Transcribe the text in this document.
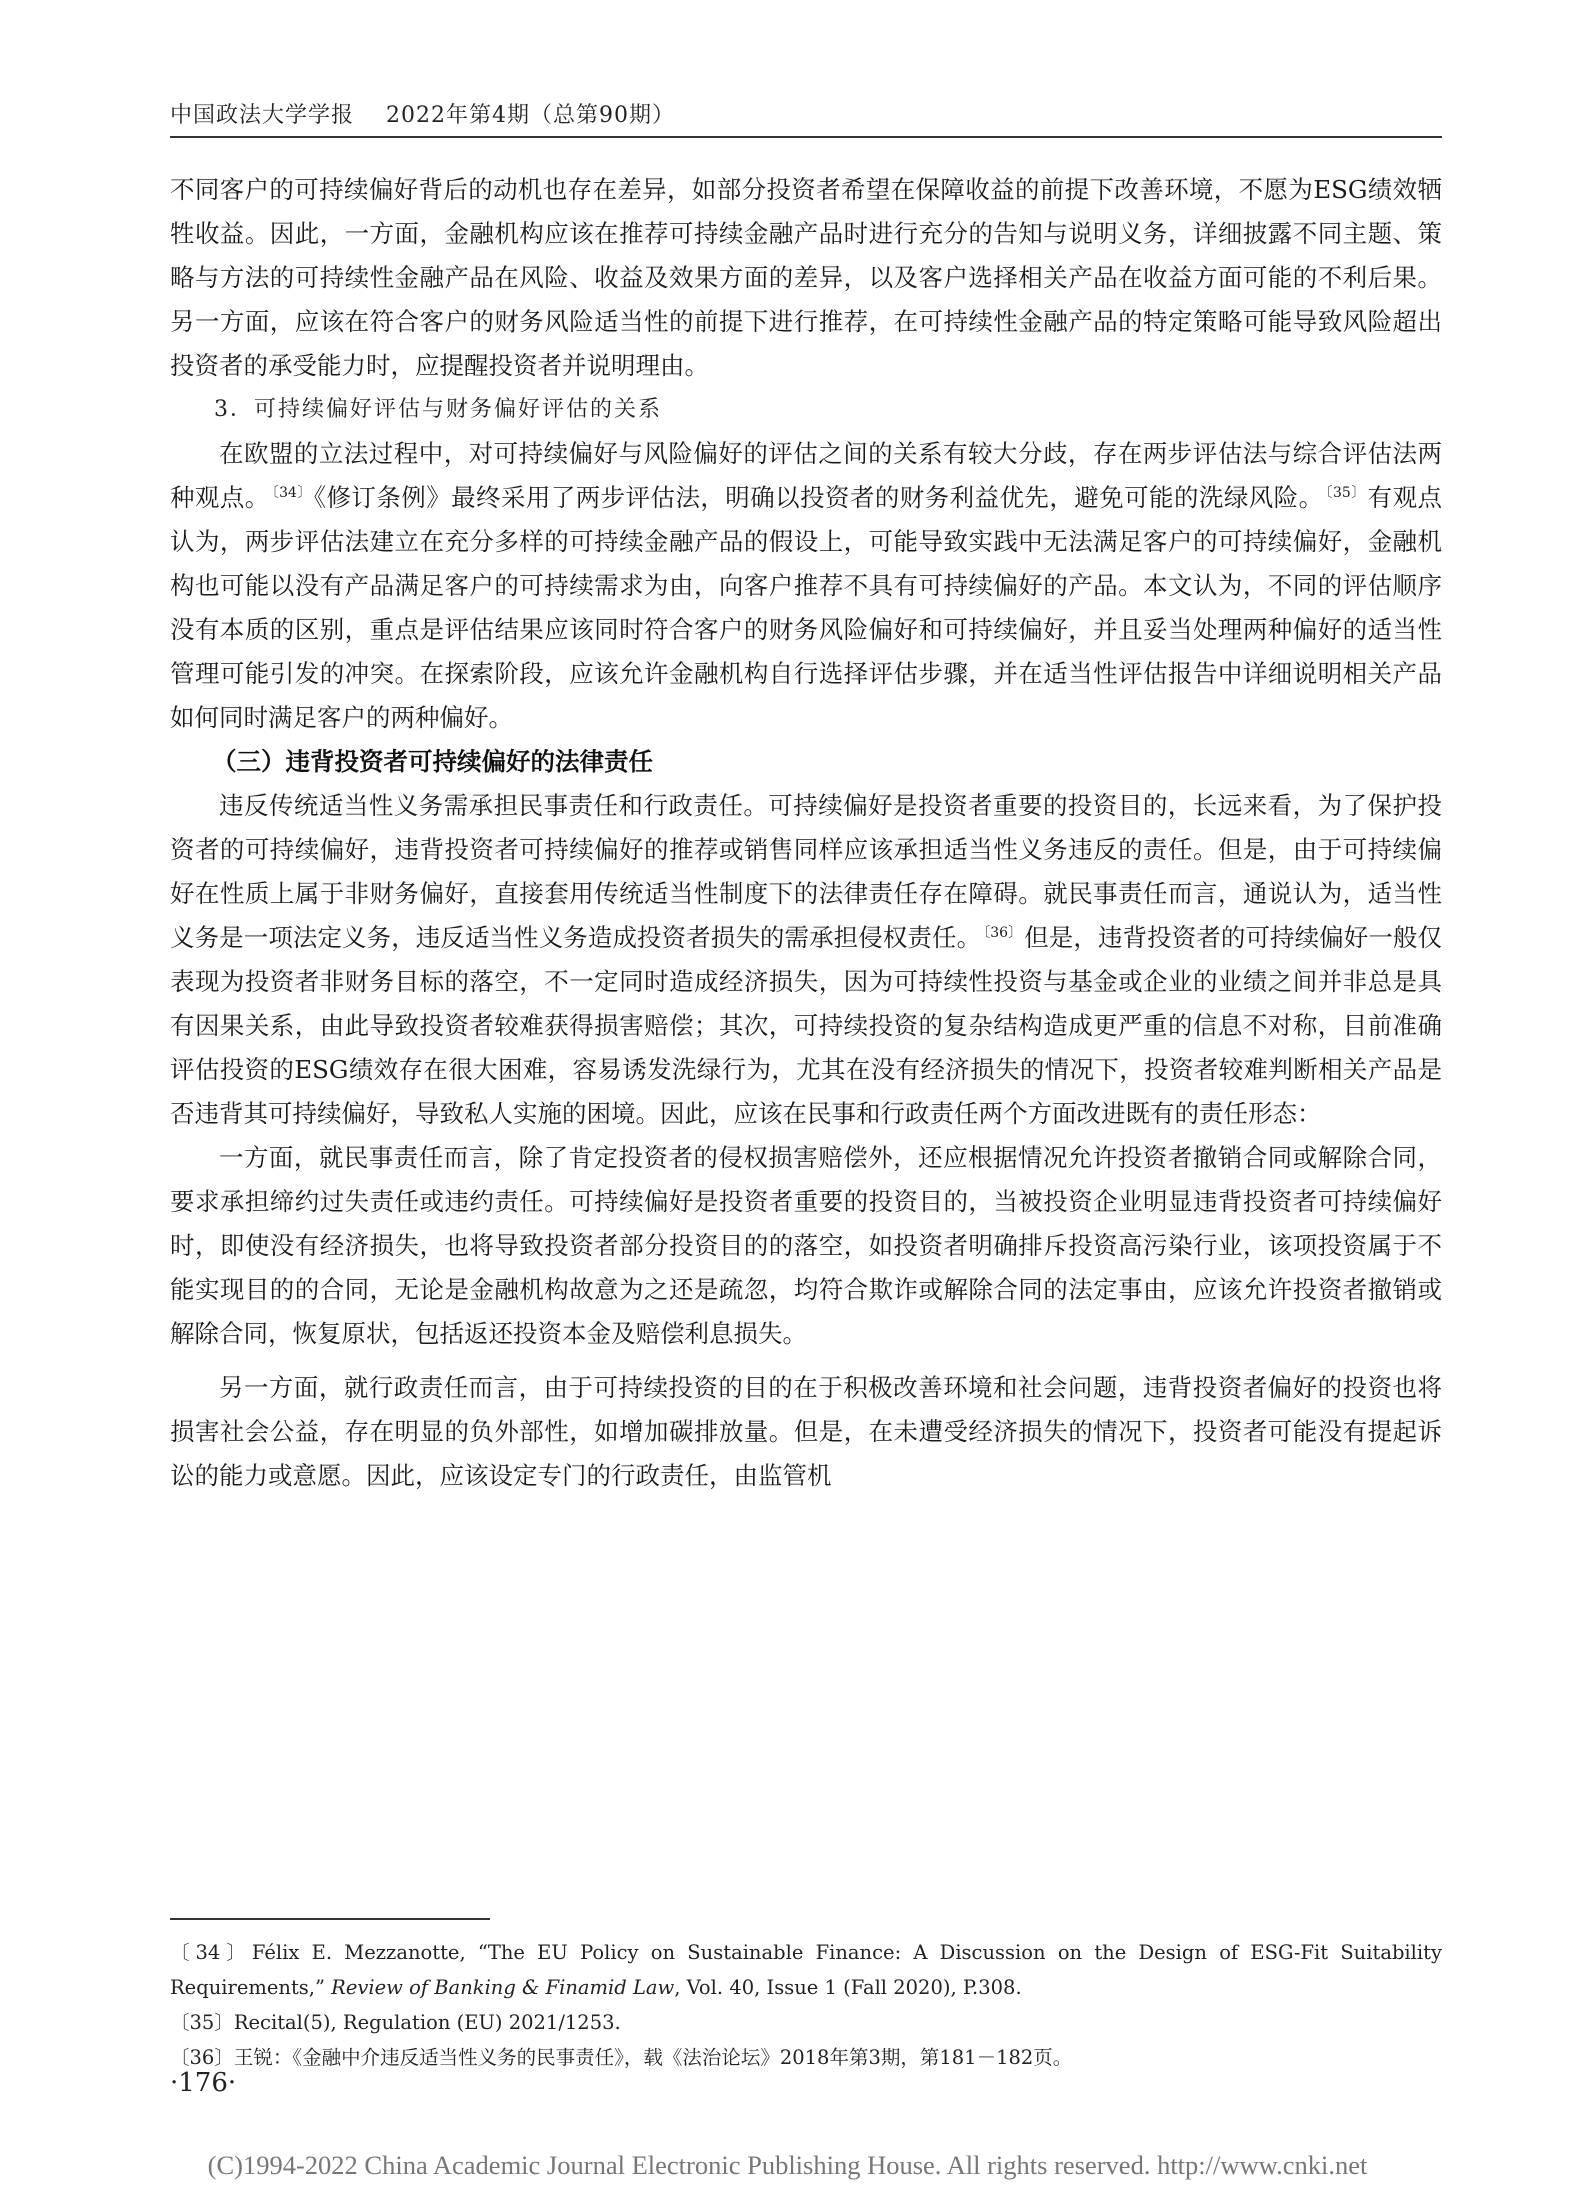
中国政法大学学报 2022年第4期（总第90期）

不同客户的可持续偏好背后的动机也存在差异，如部分投资者希望在保障收益的前提下改善环境，不愿为ESG绩效牺牲收益。因此，一方面，金融机构应该在推荐可持续金融产品时进行充分的告知与说明义务，详细披露不同主题、策略与方法的可持续性金融产品在风险、收益及效果方面的差异，以及客户选择相关产品在收益方面可能的不利后果。另一方面，应该在符合客户的财务风险适当性的前提下进行推荐，在可持续性金融产品的特定策略可能导致风险超出投资者的承受能力时，应提醒投资者并说明理由。

3．可持续偏好评估与财务偏好评估的关系

在欧盟的立法过程中，对可持续偏好与风险偏好的评估之间的关系有较大分歧，存在两步评估法与综合评估法两种观点。 $^{〔34〕}$《修订条例》最终采用了两步评估法，明确以投资者的财务利益优先，避免可能的洗绿风险。 $^{〔35〕}$有观点认为，两步评估法建立在充分多样的可持续金融产品的假设上，可能导致实践中无法满足客户的可持续偏好，金融机构也可能以没有产品满足客户的可持续需求为由，向客户推荐不具有可持续偏好的产品。本文认为，不同的评估顺序没有本质的区别，重点是评估结果应该同时符合客户的财务风险偏好和可持续偏好，并且妥当处理两种偏好的适当性管理可能引发的冲突。在探索阶段，应该允许金融机构自行选择评估步骤，并在适当性评估报告中详细说明相关产品如何同时满足客户的两种偏好。

（三）违背投资者可持续偏好的法律责任

违反传统适当性义务需承担民事责任和行政责任。可持续偏好是投资者重要的投资目的，长远来看，为了保护投资者的可持续偏好，违背投资者可持续偏好的推荐或销售同样应该承担适当性义务违反的责任。但是，由于可持续偏好在性质上属于非财务偏好，直接套用传统适当性制度下的法律责任存在障碍。就民事责任而言，通说认为，适当性义务是一项法定义务，违反适当性义务造成投资者损失的需承担侵权责任。 $^{〔36〕}$但是，违背投资者的可持续偏好一般仅表现为投资者非财务目标的落空，不一定同时造成经济损失，因为可持续性投资与基金或企业的业绩之间并非总是具有因果关系，由此导致投资者较难获得损害赔偿；其次，可持续投资的复杂结构造成更严重的信息不对称，目前准确评估投资的ESG绩效存在很大困难，容易诱发洗绿行为，尤其在没有经济损失的情况下，投资者较难判断相关产品是否违背其可持续偏好，导致私人实施的困境。因此，应该在民事和行政责任两个方面改进既有的责任形态：

一方面，就民事责任而言，除了肯定投资者的侵权损害赔偿外，还应根据情况允许投资者撤销合同或解除合同，要求承担缔约过失责任或违约责任。可持续偏好是投资者重要的投资目的，当被投资企业明显违背投资者可持续偏好时，即使没有经济损失，也将导致投资者部分投资目的的落空，如投资者明确排斥投资高污染行业，该项投资属于不能实现目的的合同，无论是金融机构故意为之还是疏忽，均符合欺诈或解除合同的法定事由，应该允许投资者撤销或解除合同，恢复原状，包括返还投资本金及赔偿利息损失。

另一方面，就行政责任而言，由于可持续投资的目的在于积极改善环境和社会问题，违背投资者偏好的投资也将损害社会公益，存在明显的负外部性，如增加碳排放量。但是，在未遭受经济损失的情况下，投资者可能没有提起诉讼的能力或意愿。因此，应该设定专门的行政责任，由监管机

〔34〕Félix E. Mezzanotte, “The EU Policy on Sustainable Finance: A Discussion on the Design of ESG-Fit Suitability Requirements,” Review of Banking & Finamid Law, Vol. 40, Issue 1 (Fall 2020), P.308.

〔35〕Recital(5), Regulation (EU) 2021/1253.

〔36〕王锐：《金融中介违反适当性义务的民事责任》，载《法治论坛》2018年第3期，第181－182页。

·176·
(C)1994-2022 China Academic Journal Electronic Publishing House. All rights reserved. http://www.cnki.net
